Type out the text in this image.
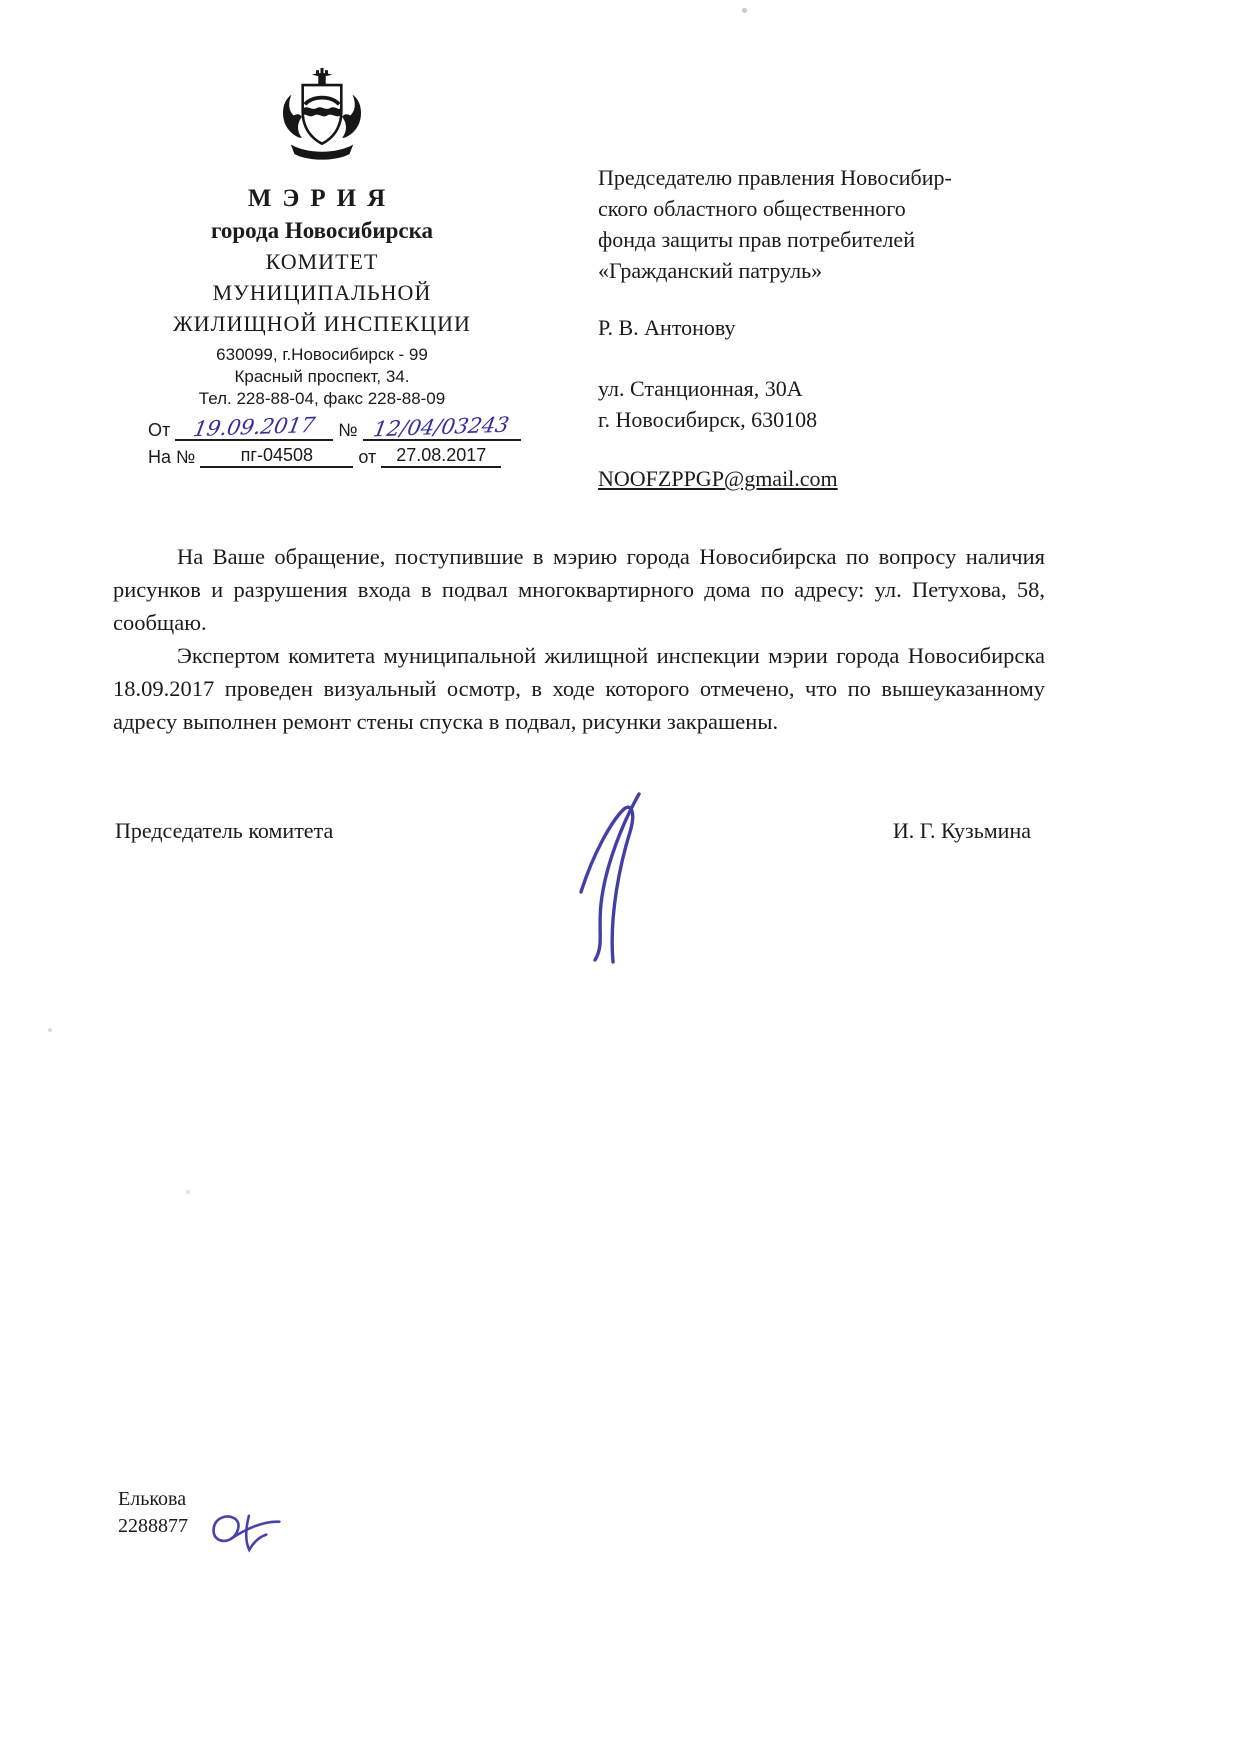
МЭРИЯ
города Новосибирска
КОМИТЕТ
МУНИЦИПАЛЬНОЙ
ЖИЛИЩНОЙ ИНСПЕКЦИИ
630099, г.Новосибирск - 99
Красный проспект, 34.
Тел. 228-88-04, факс 228-88-09
От 19.09.2017 № 12/04/03243
На №	пг-04508	от 27.08.2017
Председателю правления Новосибир-
ского областного общественного
фонда защиты прав потребителей
«Гражданский патруль»
Р. В. Антонову
ул. Станционная, 30А
г. Новосибирск, 630108
NOOFZPPGP@gmail.com

На Ваше обращение, поступившие в мэрию города Новосибирска по вопросу наличия рисунков и разрушения входа в подвал многоквартирного дома по адресу: ул. Петухова, 58, сообщаю.

Экспертом комитета муниципальной жилищной инспекции мэрии города Новосибирска 18.09.2017 проведен визуальный осмотр, в ходе которого отмечено, что по вышеуказанному адресу выполнен ремонт стены спуска в подвал, рисунки закрашены.

Председатель комитета	И. Г. Кузьмина
Елькова
2288877
